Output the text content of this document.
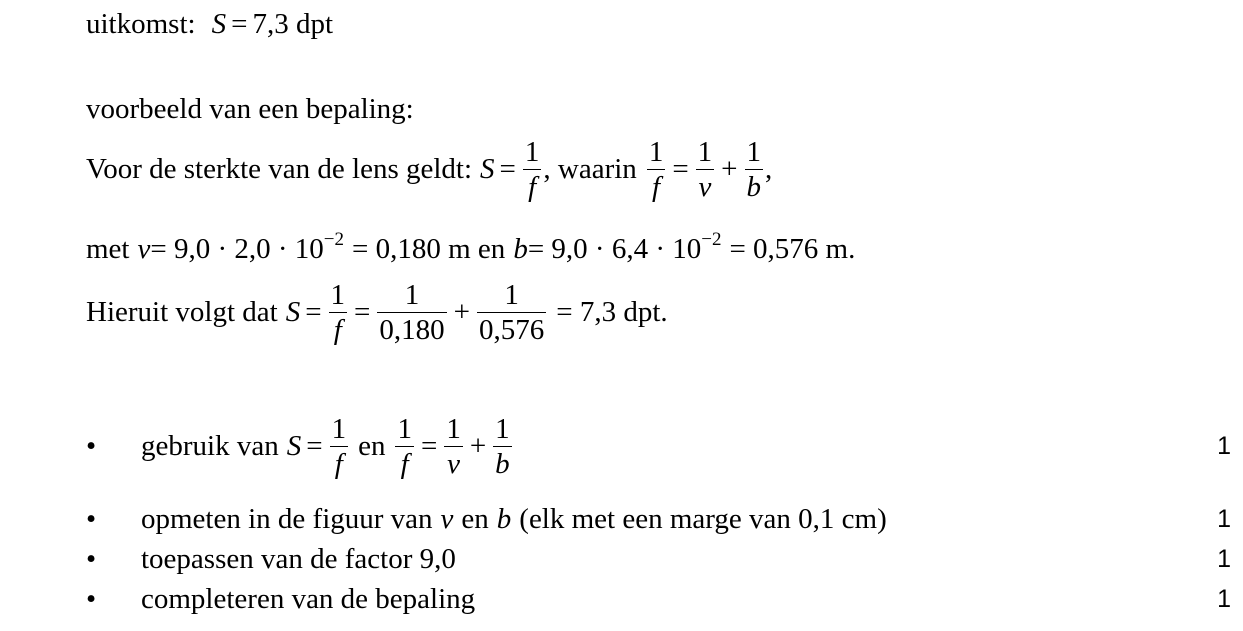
uitkomst: S = 7,3 dpt
voorbeeld van een bepaling:
Voor de sterkte van de lens geldt: $S = \frac{1}{f}$ , waarin $\frac{1}{f} = \frac{1}{v} + \frac{1}{b}$ ,
met $v = 9,0 \cdot 2,0 \cdot 10^{-2} = 0,180$ m en $b = 9,0 \cdot 6,4 \cdot 10^{-2} = 0,576$ m.
Hieruit volgt dat $S = \frac{1}{f} = \frac{1}{0,180} + \frac{1}{0,576} = 7,3$ dpt.
•	gebruik van $S = \frac{1}{f}$ en $\frac{1}{f} = \frac{1}{v} + \frac{1}{b}$	1
•	opmeten in de figuur van v en b (elk met een marge van 0,1 cm)	1
•	toepassen van de factor 9,0	1
•	completeren van de bepaling	1
